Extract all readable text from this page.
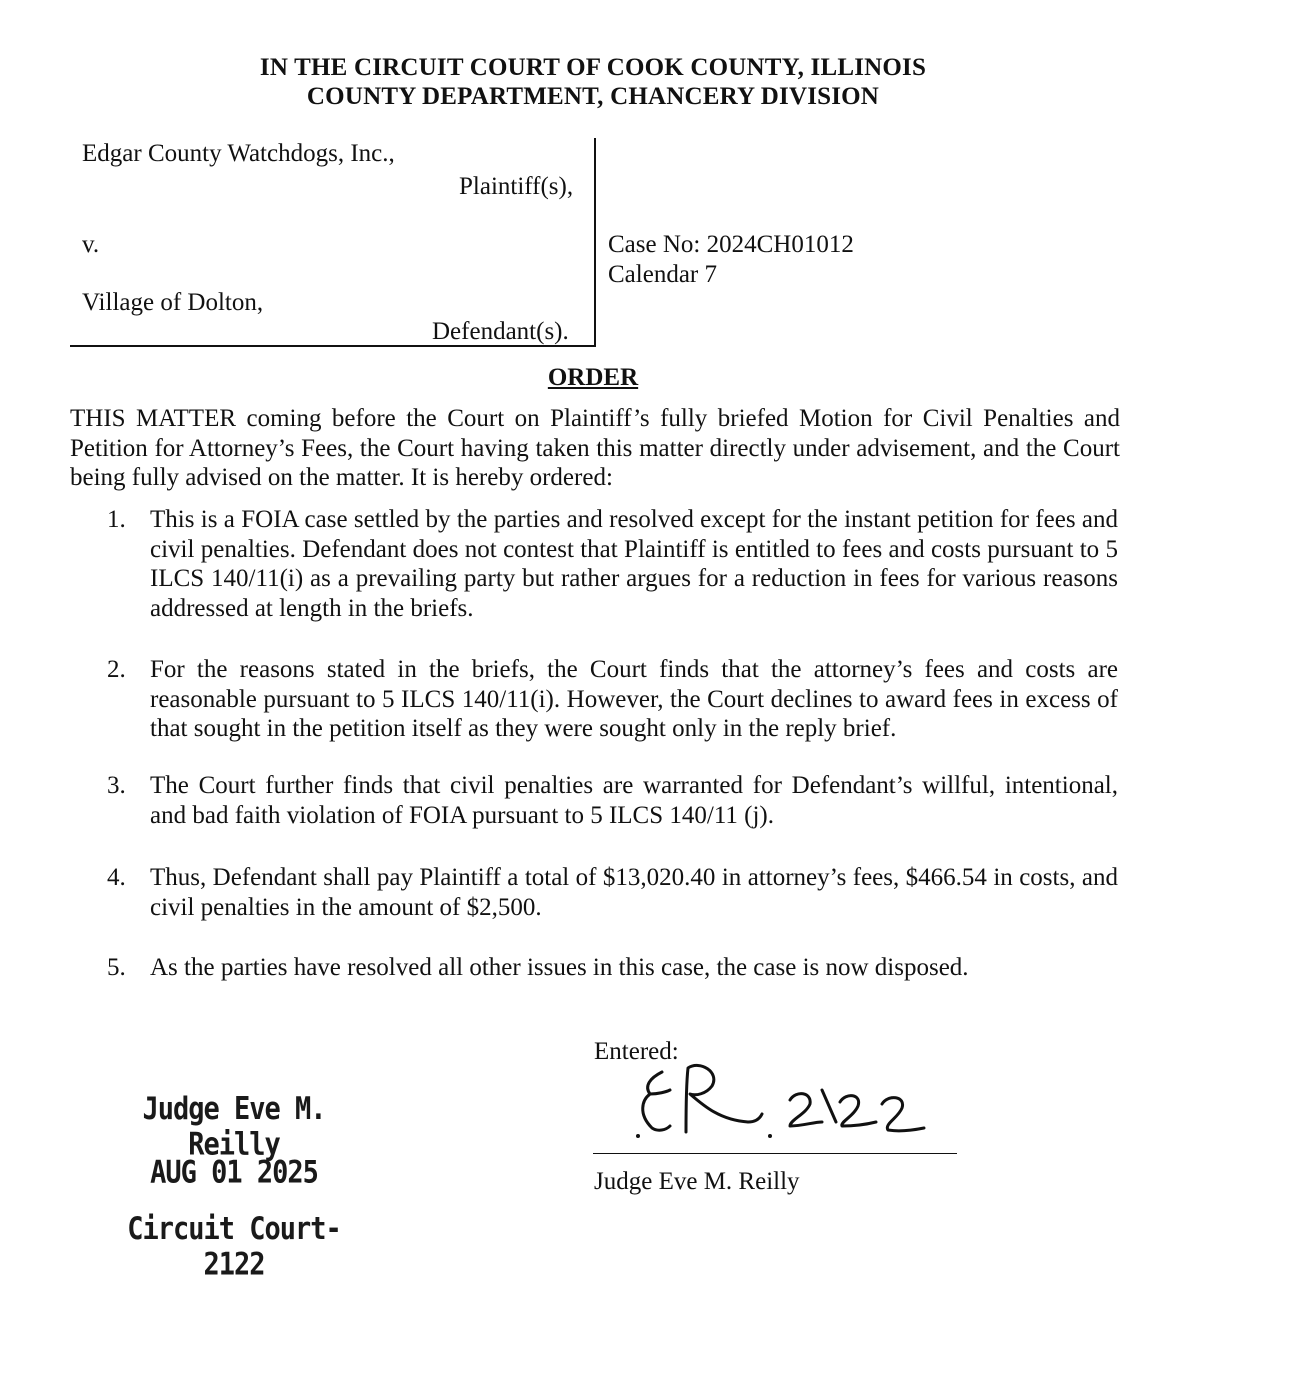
IN THE CIRCUIT COURT OF COOK COUNTY, ILLINOIS
COUNTY DEPARTMENT, CHANCERY DIVISION
Edgar County Watchdogs, Inc.,
Plaintiff(s),
v.
Village of Dolton,
Defendant(s).
Case No: 2024CH01012
Calendar 7
ORDER
THIS MATTER coming before the Court on Plaintiff’s fully briefed Motion for Civil Penalties and Petition for Attorney’s Fees, the Court having taken this matter directly under advisement, and the Court being fully advised on the matter. It is hereby ordered:
1. This is a FOIA case settled by the parties and resolved except for the instant petition for fees and civil penalties. Defendant does not contest that Plaintiff is entitled to fees and costs pursuant to 5 ILCS 140/11(i) as a prevailing party but rather argues for a reduction in fees for various reasons addressed at length in the briefs.
2. For the reasons stated in the briefs, the Court finds that the attorney’s fees and costs are reasonable pursuant to 5 ILCS 140/11(i). However, the Court declines to award fees in excess of that sought in the petition itself as they were sought only in the reply brief.
3. The Court further finds that civil penalties are warranted for Defendant’s willful, intentional, and bad faith violation of FOIA pursuant to 5 ILCS 140/11 (j).
4. Thus, Defendant shall pay Plaintiff a total of $13,020.40 in attorney’s fees, $466.54 in costs, and civil penalties in the amount of $2,500.
5. As the parties have resolved all other issues in this case, the case is now disposed.
Judge Eve M. Reilly
AUG 01 2025
Circuit Court-2122
Entered:
Judge Eve M. Reilly
